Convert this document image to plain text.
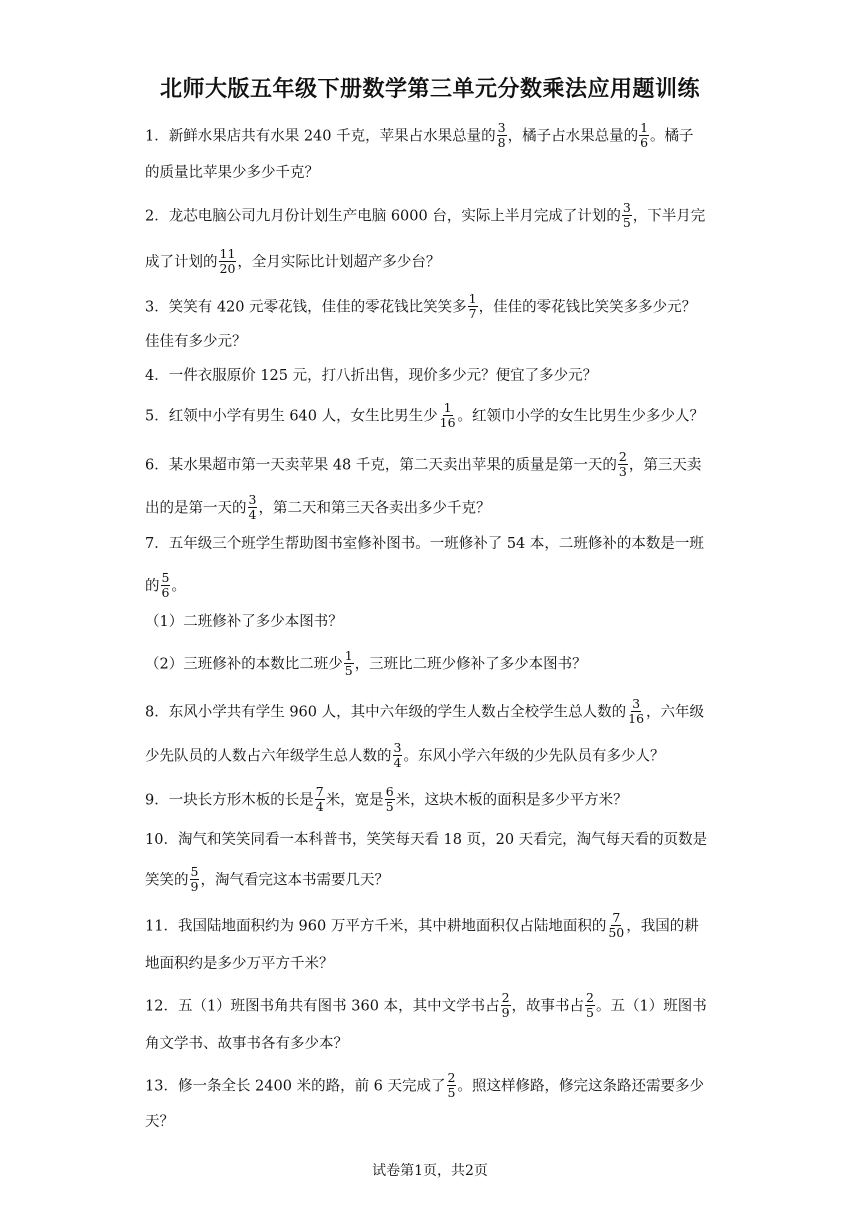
北师大版五年级下册数学第三单元分数乘法应用题训练
1．新鲜水果店共有水果 240 千克，苹果占水果总量的 $\frac{3}{8}$ ，橘子占水果总量的 $\frac{1}{6}$ 。橘子
的质量比苹果少多少千克？
2．龙芯电脑公司九月份计划生产电脑 6000 台，实际上半月完成了计划的 $\frac{3}{5}$ ，下半月完
成了计划的 $\frac{11}{20}$ ，全月实际比计划超产多少台？
3．笑笑有 420 元零花钱，佳佳的零花钱比笑笑多 $\frac{1}{7}$ ，佳佳的零花钱比笑笑多多少元？
佳佳有多少元？
4．一件衣服原价 125 元，打八折出售，现价多少元？便宜了多少元？
5．红领中小学有男生 640 人，女生比男生少 $\frac{1}{16}$ 。红领巾小学的女生比男生少多少人？
6．某水果超市第一天卖苹果 48 千克，第二天卖出苹果的质量是第一天的 $\frac{2}{3}$ ，第三天卖
出的是第一天的 $\frac{3}{4}$ ，第二天和第三天各卖出多少千克？
7．五年级三个班学生帮助图书室修补图书。一班修补了 54 本，二班修补的本数是一班
的 $\frac{5}{6}$ 。
（1）二班修补了多少本图书？
（2）三班修补的本数比二班少 $\frac{1}{5}$ ，三班比二班少修补了多少本图书？
8．东风小学共有学生 960 人，其中六年级的学生人数占全校学生总人数的 $\frac{3}{16}$ ，六年级
少先队员的人数占六年级学生总人数的 $\frac{3}{4}$ 。东风小学六年级的少先队员有多少人？
9．一块长方形木板的长是 $\frac{7}{4}$ 米，宽是 $\frac{6}{5}$ 米，这块木板的面积是多少平方米？
10．淘气和笑笑同看一本科普书，笑笑每天看 18 页，20 天看完，淘气每天看的页数是
笑笑的 $\frac{5}{9}$ ，淘气看完这本书需要几天？
11．我国陆地面积约为 960 万平方千米，其中耕地面积仅占陆地面积的 $\frac{7}{50}$ ，我国的耕
地面积约是多少万平方千米？
12．五（1）班图书角共有图书 360 本，其中文学书占 $\frac{2}{9}$ ，故事书占 $\frac{2}{5}$ 。五（1）班图书
角文学书、故事书各有多少本？
13．修一条全长 2400 米的路，前 6 天完成了 $\frac{2}{5}$ 。照这样修路，修完这条路还需要多少
天？
试卷第1页，共2页
